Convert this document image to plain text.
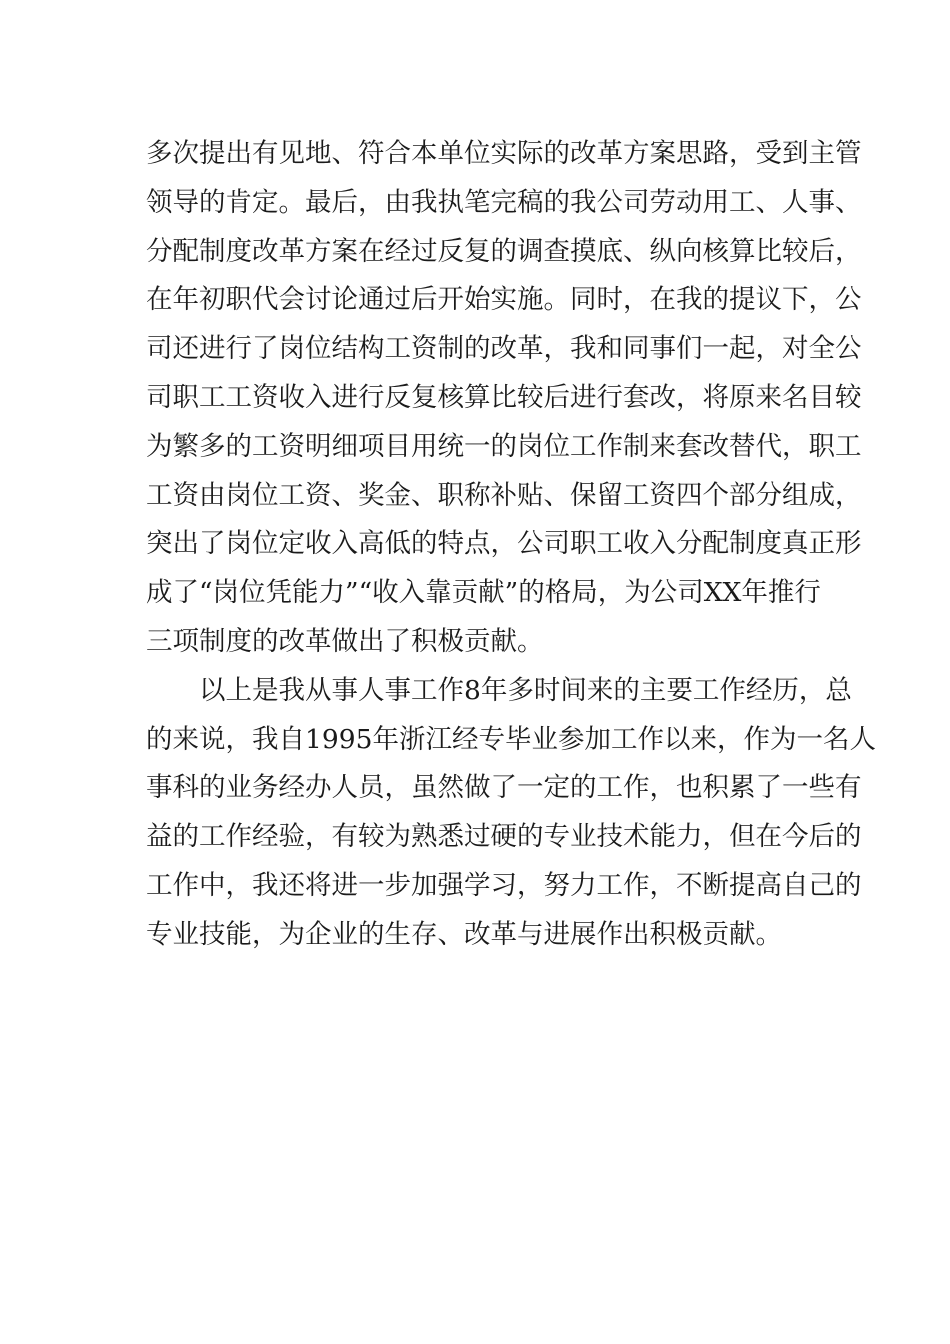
多次提出有见地、符合本单位实际的改革方案思路，受到主管
领导的肯定。最后，由我执笔完稿的我公司劳动用工、人事、
分配制度改革方案在经过反复的调查摸底、纵向核算比较后，
在年初职代会讨论通过后开始实施。同时，在我的提议下，公
司还进行了岗位结构工资制的改革，我和同事们一起，对全公
司职工工资收入进行反复核算比较后进行套改，将原来名目较
为繁多的工资明细项目用统一的岗位工作制来套改替代，职工
工资由岗位工资、奖金、职称补贴、保留工资四个部分组成，
突出了岗位定收入高低的特点，公司职工收入分配制度真正形
成了“岗位凭能力”“收入靠贡献”的格局，为公司XX年推行
三项制度的改革做出了积极贡献。
以上是我从事人事工作8年多时间来的主要工作经历，总
的来说，我自1995年浙江经专毕业参加工作以来，作为一名人
事科的业务经办人员，虽然做了一定的工作，也积累了一些有
益的工作经验，有较为熟悉过硬的专业技术能力，但在今后的
工作中，我还将进一步加强学习，努力工作，不断提高自己的
专业技能，为企业的生存、改革与进展作出积极贡献。
